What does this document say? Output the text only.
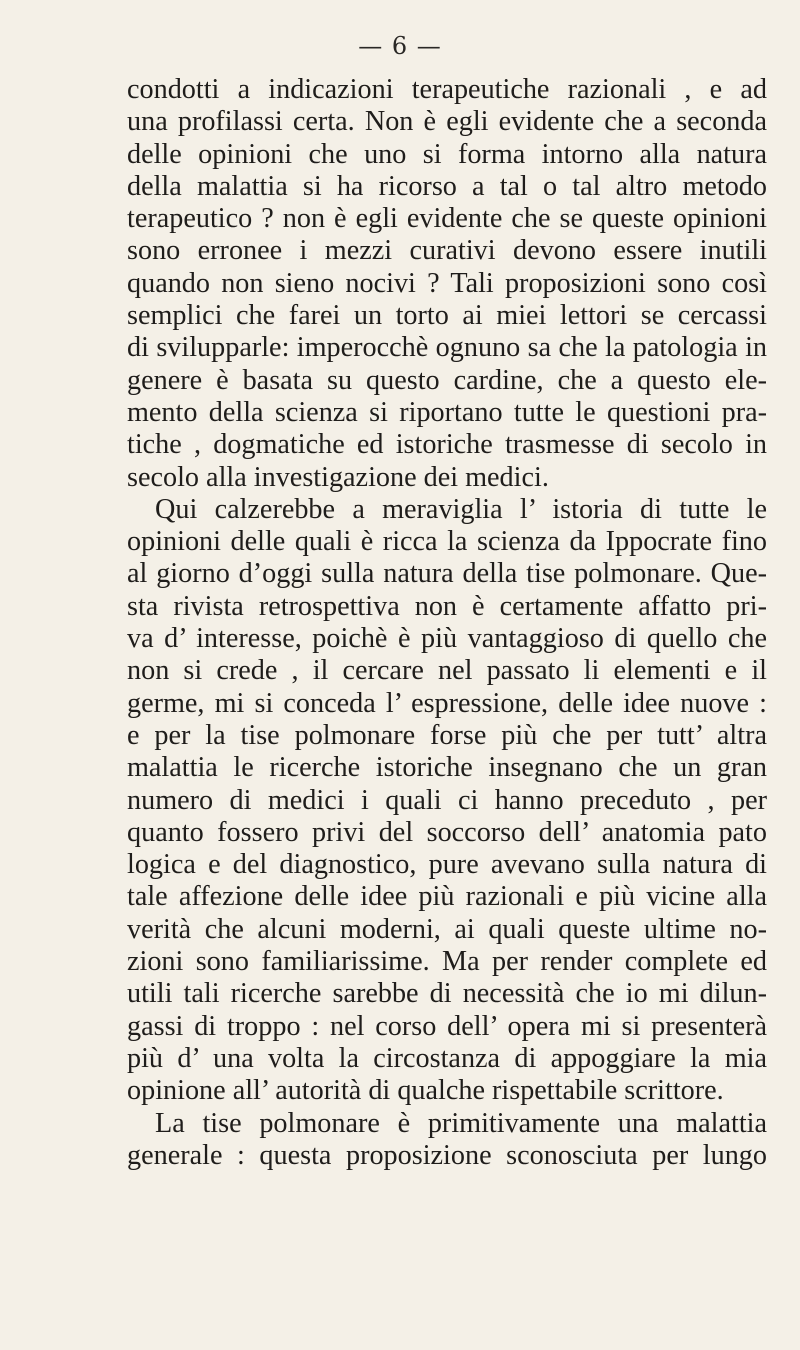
— 6 —
condotti a indicazioni terapeutiche razionali , e ad
una profilassi certa. Non è egli evidente che a seconda
delle opinioni che uno si forma intorno alla natura
della malattia si ha ricorso a tal o tal altro metodo
terapeutico ? non è egli evidente che se queste opinioni
sono erronee i mezzi curativi devono essere inutili
quando non sieno nocivi ? Tali proposizioni sono così
semplici che farei un torto ai miei lettori se cercassi
di svilupparle: imperocchè ognuno sa che la patologia in
genere è basata su questo cardine, che a questo ele-
mento della scienza si riportano tutte le questioni pra-
tiche , dogmatiche ed istoriche trasmesse di secolo in
secolo alla investigazione dei medici.
Qui calzerebbe a meraviglia l’ istoria di tutte le
opinioni delle quali è ricca la scienza da Ippocrate fino
al giorno d’oggi sulla natura della tise polmonare. Que-
sta rivista retrospettiva non è certamente affatto pri-
va d’ interesse, poichè è più vantaggioso di quello che
non si crede , il cercare nel passato li elementi e il
germe, mi si conceda l’ espressione, delle idee nuove :
e per la tise polmonare forse più che per tutt’ altra
malattia le ricerche istoriche insegnano che un gran
numero di medici i quali ci hanno preceduto , per
quanto fossero privi del soccorso dell’ anatomia pato
logica e del diagnostico, pure avevano sulla natura di
tale affezione delle idee più razionali e più vicine alla
verità che alcuni moderni, ai quali queste ultime no-
zioni sono familiarissime. Ma per render complete ed
utili tali ricerche sarebbe di necessità che io mi dilun-
gassi di troppo : nel corso dell’ opera mi si presenterà
più d’ una volta la circostanza di appoggiare la mia
opinione all’ autorità di qualche rispettabile scrittore.
La tise polmonare è primitivamente una malattia
generale : questa proposizione sconosciuta per lungo
